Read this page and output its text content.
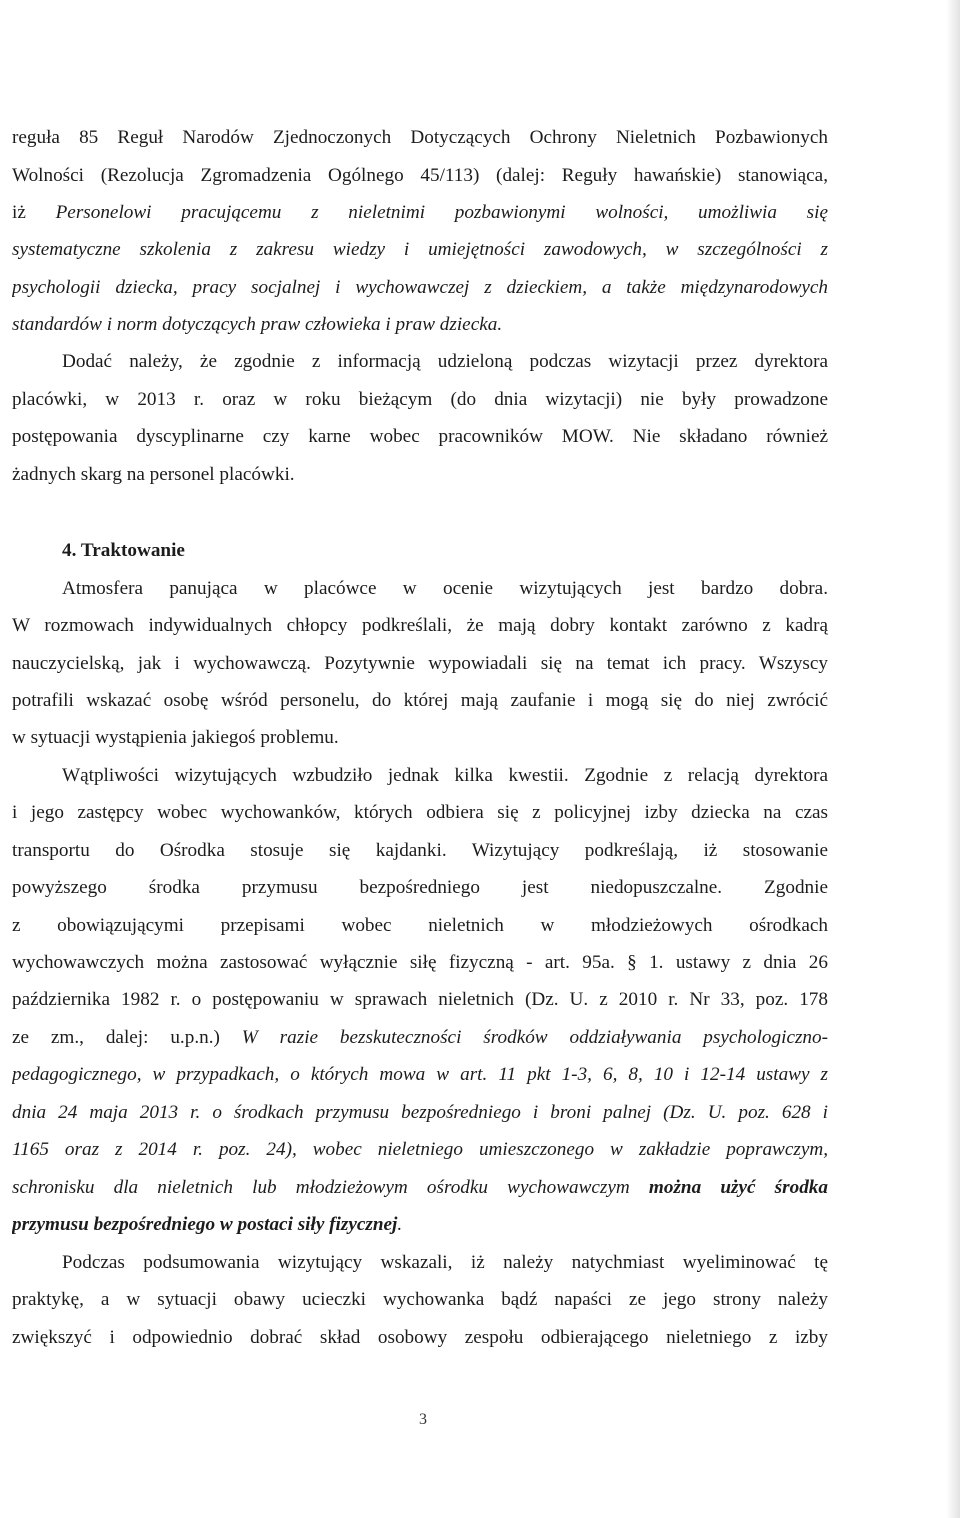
reguła 85 Reguł Narodów Zjednoczonych Dotyczących Ochrony Nieletnich Pozbawionych
Wolności (Rezolucja Zgromadzenia Ogólnego 45/113) (dalej: Reguły hawańskie) stanowiąca,
iż Personelowi pracującemu z nieletnimi pozbawionymi wolności, umożliwia się
systematyczne szkolenia z zakresu wiedzy i umiejętności zawodowych, w szczególności z
psychologii dziecka, pracy socjalnej i wychowawczej z dzieckiem, a także międzynarodowych
standardów i norm dotyczących praw człowieka i praw dziecka.
Dodać należy, że zgodnie z informacją udzieloną podczas wizytacji przez dyrektora
placówki, w 2013 r. oraz w roku bieżącym (do dnia wizytacji) nie były prowadzone
postępowania dyscyplinarne czy karne wobec pracowników MOW. Nie składano również
żadnych skarg na personel placówki.
4. Traktowanie
Atmosfera panująca w placówce w ocenie wizytujących jest bardzo dobra.
W rozmowach indywidualnych chłopcy podkreślali, że mają dobry kontakt zarówno z kadrą
nauczycielską, jak i wychowawczą. Pozytywnie wypowiadali się na temat ich pracy. Wszyscy
potrafili wskazać osobę wśród personelu, do której mają zaufanie i mogą się do niej zwrócić
w sytuacji wystąpienia jakiegoś problemu.
Wątpliwości wizytujących wzbudziło jednak kilka kwestii. Zgodnie z relacją dyrektora
i jego zastępcy wobec wychowanków, których odbiera się z policyjnej izby dziecka na czas
transportu do Ośrodka stosuje się kajdanki. Wizytujący podkreślają, iż stosowanie
powyższego środka przymusu bezpośredniego jest niedopuszczalne. Zgodnie
z obowiązującymi przepisami wobec nieletnich w młodzieżowych ośrodkach
wychowawczych można zastosować wyłącznie siłę fizyczną - art. 95a. § 1. ustawy z dnia 26
października 1982 r. o postępowaniu w sprawach nieletnich (Dz. U. z 2010 r. Nr 33, poz. 178
ze zm., dalej: u.p.n.) W razie bezskuteczności środków oddziaływania psychologiczno-
pedagogicznego, w przypadkach, o których mowa w art. 11 pkt 1-3, 6, 8, 10 i 12-14 ustawy z
dnia 24 maja 2013 r. o środkach przymusu bezpośredniego i broni palnej (Dz. U. poz. 628 i
1165 oraz z 2014 r. poz. 24), wobec nieletniego umieszczonego w zakładzie poprawczym,
schronisku dla nieletnich lub młodzieżowym ośrodku wychowawczym można użyć środka
przymusu bezpośredniego w postaci siły fizycznej.
Podczas podsumowania wizytujący wskazali, iż należy natychmiast wyeliminować tę
praktykę, a w sytuacji obawy ucieczki wychowanka bądź napaści ze jego strony należy
zwiększyć i odpowiednio dobrać skład osobowy zespołu odbierającego nieletniego z izby
3
